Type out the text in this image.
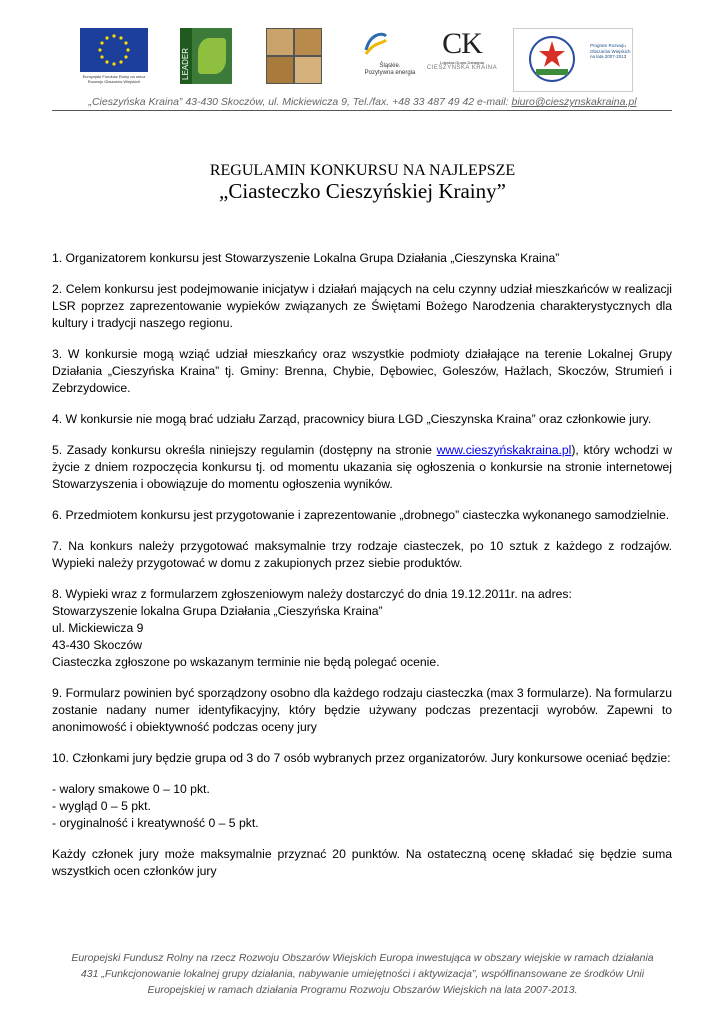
Europejski Fundusz Rolny na rzecz Rozwoju Obszarów Wiejskich
LEADER	Śląskie.
Pozytywna energia
CK
Lokalna Grupa Działania
CIESZYŃSKA KRAINA
Program Rozwoju Obszarów Wiejskich na lata 2007-2013
„Cieszyńska Kraina” 43-430 Skoczów, ul. Mickiewicza 9, Tel./fax. +48 33 487 49 42 e-mail: biuro@cieszynskakraina.pl
REGULAMIN KONKURSU NA NAJLEPSZE
„Ciasteczko Cieszyńskiej Krainy”

1. Organizatorem konkursu jest Stowarzyszenie Lokalna Grupa Działania „Cieszynska Kraina”

2. Celem konkursu jest podejmowanie inicjatyw i działań mających na celu czynny udział mieszkańców w realizacji LSR poprzez zaprezentowanie wypieków związanych ze Świętami Bożego Narodzenia charakterystycznych dla kultury i tradycji naszego regionu.

3. W konkursie mogą wziąć udział mieszkańcy oraz wszystkie podmioty działające na terenie Lokalnej Grupy Działania „Cieszyńska Kraina” tj. Gminy: Brenna, Chybie, Dębowiec, Goleszów, Hażlach, Skoczów, Strumień i Zebrzydowice.

4. W konkursie nie mogą brać udziału Zarząd, pracownicy biura LGD „Cieszynska Kraina” oraz członkowie jury.

5. Zasady konkursu określa niniejszy regulamin (dostępny na stronie www.cieszyńskakraina.pl), który wchodzi w życie z dniem rozpoczęcia konkursu tj. od momentu ukazania się ogłoszenia o konkursie na stronie internetowej Stowarzyszenia i obowiązuje do momentu ogłoszenia wyników.

6. Przedmiotem konkursu jest przygotowanie i zaprezentowanie „drobnego” ciasteczka wykonanego samodzielnie.

7. Na konkurs należy przygotować maksymalnie trzy rodzaje ciasteczek, po 10 sztuk z każdego z rodzajów. Wypieki należy przygotować w domu z zakupionych przez siebie produktów.

8. Wypieki wraz z formularzem zgłoszeniowym należy dostarczyć do dnia 19.12.2011r. na adres:
Stowarzyszenie lokalna Grupa Działania „Cieszyńska Kraina”
ul. Mickiewicza 9
43-430 Skoczów
Ciasteczka zgłoszone po wskazanym terminie nie będą polegać ocenie.

9. Formularz powinien być sporządzony osobno dla każdego rodzaju ciasteczka (max 3 formularze). Na formularzu zostanie nadany numer identyfikacyjny, który będzie używany podczas prezentacji wyrobów. Zapewni to anonimowość i obiektywność podczas oceny jury

10. Członkami jury będzie grupa od 3 do 7 osób wybranych przez organizatorów. Jury konkursowe oceniać będzie:

- walory smakowe 0 – 10 pkt.
- wygląd 0 – 5 pkt.
- oryginalność i kreatywność 0 – 5 pkt.

Każdy członek jury może maksymalnie przyznać 20 punktów. Na ostateczną ocenę składać się będzie suma wszystkich ocen członków jury

Europejski Fundusz Rolny na rzecz Rozwoju Obszarów Wiejskich Europa inwestująca w obszary wiejskie w ramach działania
431 „Funkcjonowanie lokalnej grupy działania, nabywanie umiejętności i aktywizacja”, współfinansowane ze środków Unii
Europejskiej w ramach działania Programu Rozwoju Obszarów Wiejskich na lata 2007-2013.
